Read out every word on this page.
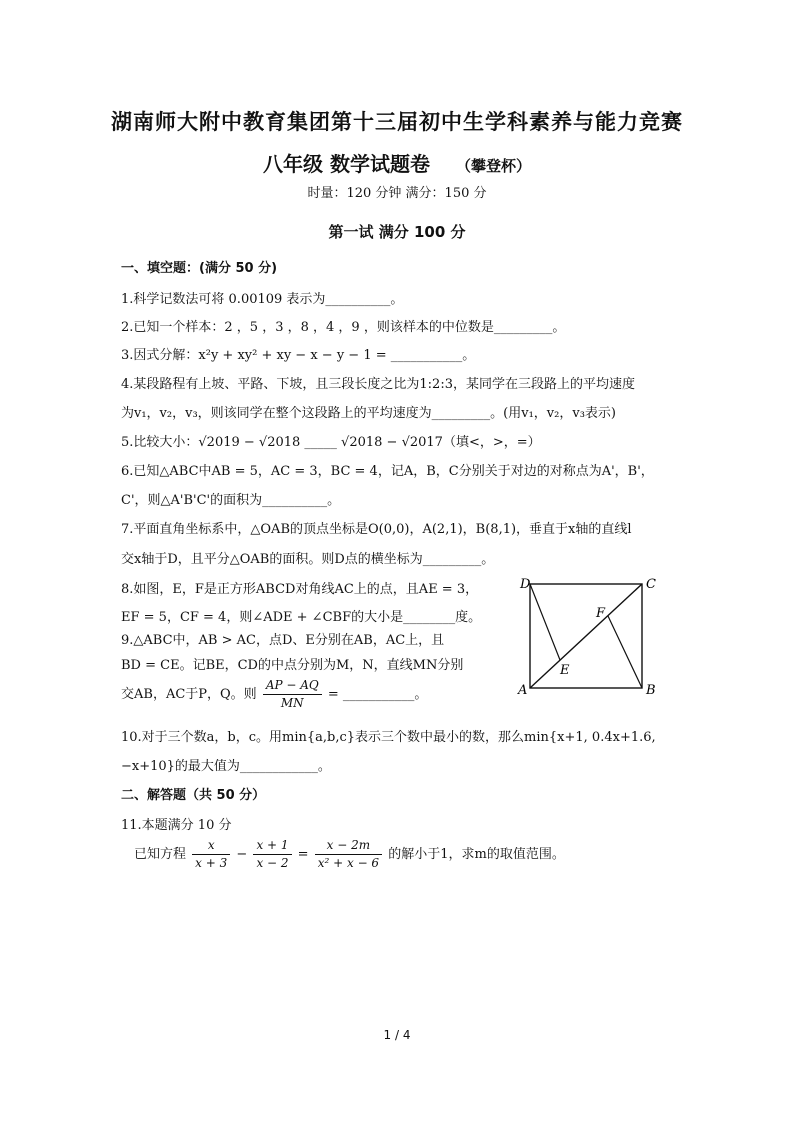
湖南师大附中教育集团第十三届初中生学科素养与能力竞赛
八年级 数学试题卷 （攀登杯）
时量：120 分钟 满分：150 分
第一试 满分 100 分
一、填空题：(满分 50 分)
1.科学记数法可将 0.00109 表示为__________。
2.已知一个样本：2 ，5 ，3 ，8 ，4 ，9 ，则该样本的中位数是_________。
3.因式分解：x²y + xy² + xy − x − y − 1 = ___________。
4.某段路程有上坡、平路、下坡，且三段长度之比为1:2:3，某同学在三段路上的平均速度
为v₁，v₂，v₃，则该同学在整个这段路上的平均速度为_________。(用v₁，v₂，v₃表示)
5.比较大小：√2019 − √2018 _____ √2018 − √2017（填<，>，=）
6.已知△ABC中AB = 5，AC = 3，BC = 4，记A，B，C分别关于对边的对称点为A'，B'，
C'，则△A'B'C'的面积为__________。
7.平面直角坐标系中，△OAB的顶点坐标是O(0,0)，A(2,1)，B(8,1)，垂直于x轴的直线l
交x轴于D，且平分△OAB的面积。则D点的横坐标为_________。
8.如图，E，F是正方形ABCD对角线AC上的点，且AE = 3，
EF = 5，CF = 4，则∠ADE + ∠CBF的大小是________度。
9.△ABC中，AB > AC，点D、E分别在AB，AC上，且
BD = CE。记BE，CD的中点分别为M，N，直线MN分别
交AB，AC于P，Q。则 $\frac{AP - AQ}{MN}$ = ___________。
10.对于三个数a，b，c。用min{a,b,c}表示三个数中最小的数，那么min{x+1, 0.4x+1.6,
−x+10}的最大值为____________。
二、解答题（共 50 分）
11.本题满分 10 分
已知方程 $\frac{x}{x + 3} - \frac{x + 1}{x - 2} = \frac{x - 2m}{\text{x² + x − 6}}$ 的解小于1，求m的取值范围。
D	C
A	B
E
F
1 / 4
